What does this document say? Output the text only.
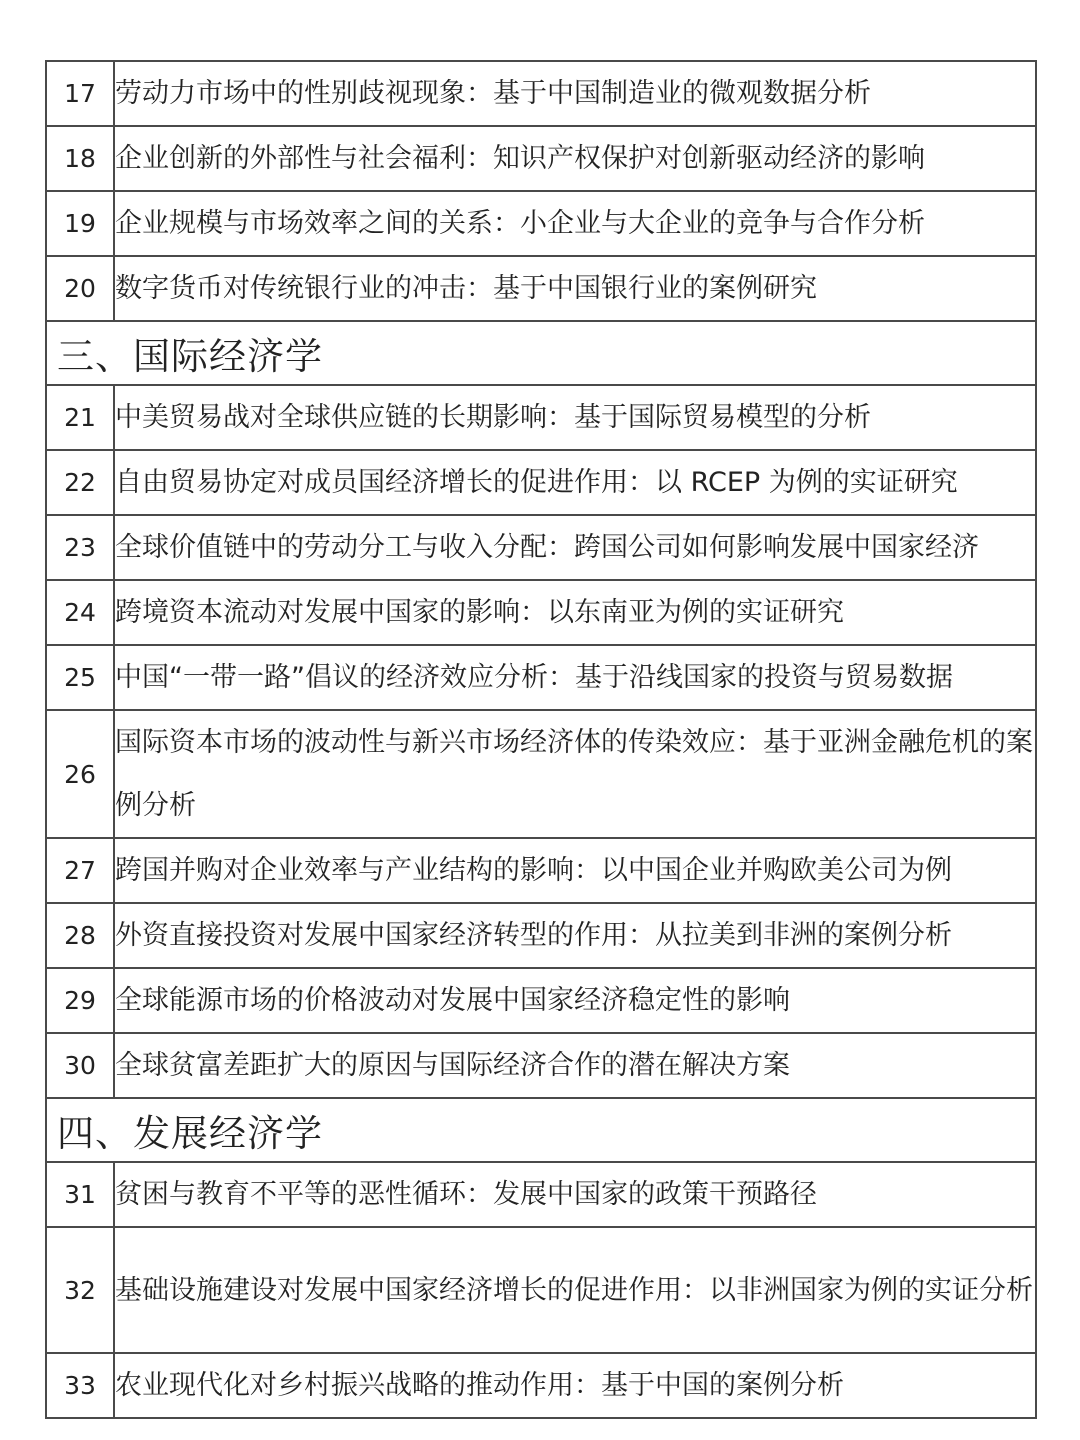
17	劳动力市场中的性别歧视现象：基于中国制造业的微观数据分析
18	企业创新的外部性与社会福利：知识产权保护对创新驱动经济的影响
19	企业规模与市场效率之间的关系：小企业与大企业的竞争与合作分析
20	数字货币对传统银行业的冲击：基于中国银行业的案例研究
三、国际经济学	
21	中美贸易战对全球供应链的长期影响：基于国际贸易模型的分析
22	自由贸易协定对成员国经济增长的促进作用：以 RCEP 为例的实证研究
23	全球价值链中的劳动分工与收入分配：跨国公司如何影响发展中国家经济
24	跨境资本流动对发展中国家的影响：以东南亚为例的实证研究
25	中国“一带一路”倡议的经济效应分析：基于沿线国家的投资与贸易数据
26	国际资本市场的波动性与新兴市场经济体的传染效应：基于亚洲金融危机的案例分析
27	跨国并购对企业效率与产业结构的影响：以中国企业并购欧美公司为例
28	外资直接投资对发展中国家经济转型的作用：从拉美到非洲的案例分析
29	全球能源市场的价格波动对发展中国家经济稳定性的影响
30	全球贫富差距扩大的原因与国际经济合作的潜在解决方案
四、发展经济学	
31	贫困与教育不平等的恶性循环：发展中国家的政策干预路径
32	基础设施建设对发展中国家经济增长的促进作用：以非洲国家为例的实证分析
33	农业现代化对乡村振兴战略的推动作用：基于中国的案例分析
